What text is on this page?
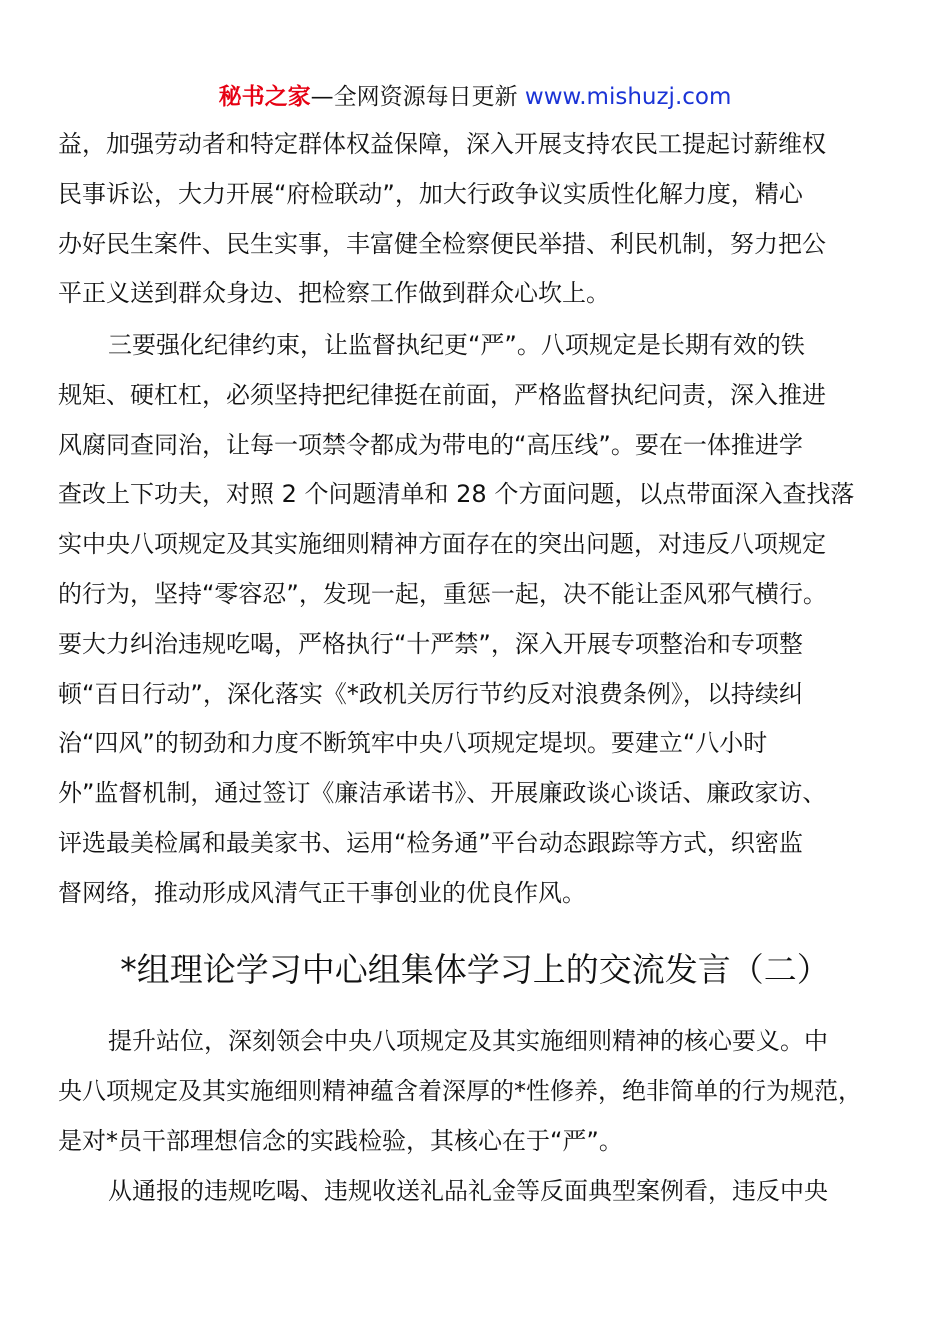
秘书之家—全网资源每日更新 www.mishuzj.com
益，加强劳动者和特定群体权益保障，深入开展支持农民工提起讨薪维权
民事诉讼，大力开展“府检联动”，加大行政争议实质性化解力度，精心
办好民生案件、民生实事，丰富健全检察便民举措、利民机制，努力把公
平正义送到群众身边、把检察工作做到群众心坎上。
三要强化纪律约束，让监督执纪更“严”。八项规定是长期有效的铁
规矩、硬杠杠，必须坚持把纪律挺在前面，严格监督执纪问责，深入推进
风腐同查同治，让每一项禁令都成为带电的“高压线”。要在一体推进学
查改上下功夫，对照 2 个问题清单和 28 个方面问题，以点带面深入查找落
实中央八项规定及其实施细则精神方面存在的突出问题，对违反八项规定
的行为，坚持“零容忍”，发现一起，重惩一起，决不能让歪风邪气横行。
要大力纠治违规吃喝，严格执行“十严禁”，深入开展专项整治和专项整
顿“百日行动”，深化落实《*政机关厉行节约反对浪费条例》，以持续纠
治“四风”的韧劲和力度不断筑牢中央八项规定堤坝。要建立“八小时
外”监督机制，通过签订《廉洁承诺书》、开展廉政谈心谈话、廉政家访、
评选最美检属和最美家书、运用“检务通”平台动态跟踪等方式，织密监
督网络，推动形成风清气正干事创业的优良作风。
*组理论学习中心组集体学习上的交流发言（二）
提升站位，深刻领会中央八项规定及其实施细则精神的核心要义。中
央八项规定及其实施细则精神蕴含着深厚的*性修养，绝非简单的行为规范，
是对*员干部理想信念的实践检验，其核心在于“严”。
从通报的违规吃喝、违规收送礼品礼金等反面典型案例看，违反中央
